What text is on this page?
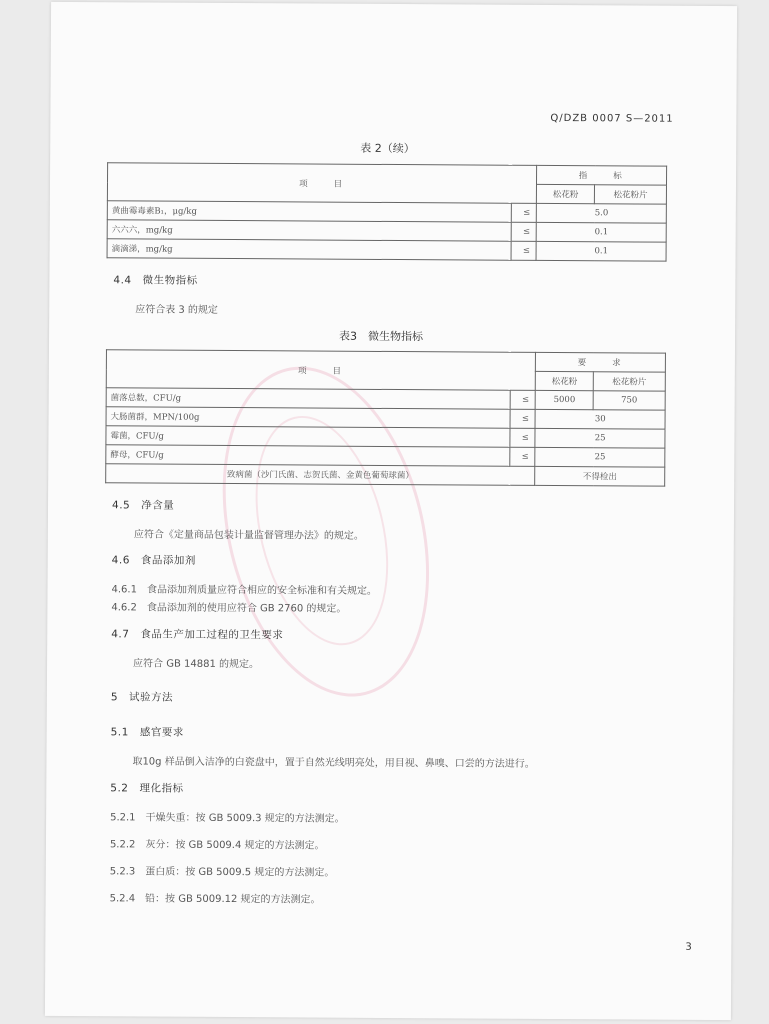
Q/DZB 0007 S—2011
表 2（续）
项　　目		指　　标	
		松花粉	松花粉片
黄曲霉毒素B₁，μg/kg	≤	5.0	
六六六，mg/kg	≤	0.1	
滴滴涕，mg/kg	≤	0.1	
4.4　微生物指标
应符合表 3 的规定
表3　微生物指标
项　　目		要　　求	
		松花粉	松花粉片
菌落总数，CFU/g	≤	5000	750
大肠菌群，MPN/100g	≤	30	
霉菌，CFU/g	≤	25	
酵母，CFU/g	≤	25	
致病菌（沙门氏菌、志贺氏菌、金黄色葡萄球菌）		不得检出	
4.5　净含量
应符合《定量商品包装计量监督管理办法》的规定。
4.6　食品添加剂
4.6.1　食品添加剂质量应符合相应的安全标准和有关规定。
4.6.2　食品添加剂的使用应符合 GB 2760 的规定。
4.7　食品生产加工过程的卫生要求
应符合 GB 14881 的规定。
5　试验方法
5.1　感官要求
取10g 样品倒入洁净的白瓷盘中，置于自然光线明亮处，用目视、鼻嗅、口尝的方法进行。
5.2　理化指标
5.2.1　干燥失重：按 GB 5009.3 规定的方法测定。
5.2.2　灰分：按 GB 5009.4 规定的方法测定。
5.2.3　蛋白质：按 GB 5009.5 规定的方法测定。
5.2.4　铅：按 GB 5009.12 规定的方法测定。
3
